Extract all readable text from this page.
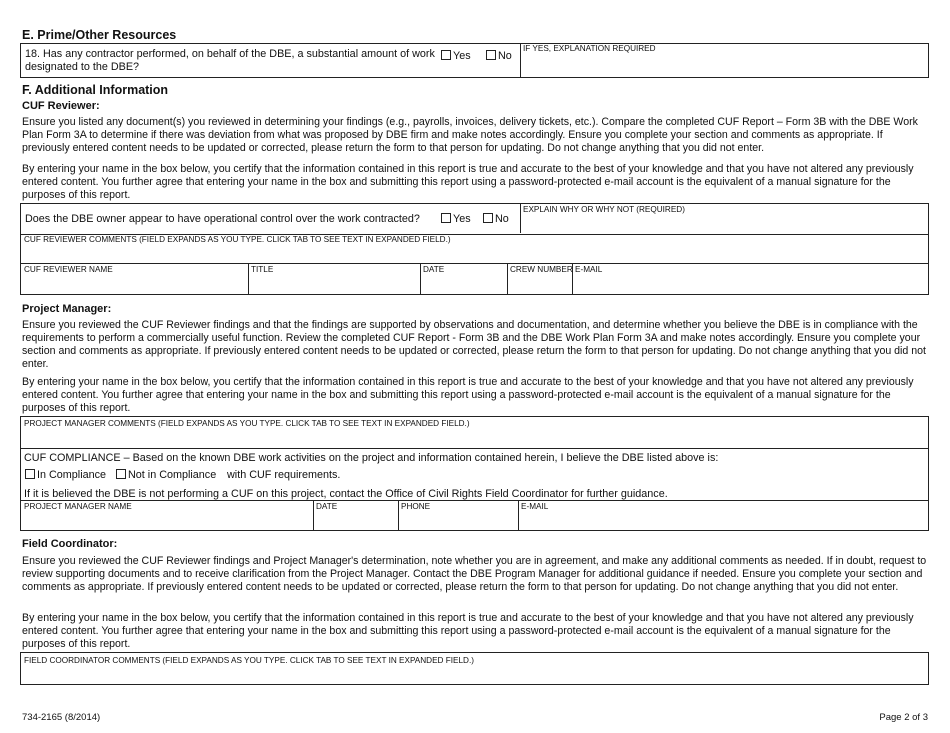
E. Prime/Other Resources
18. Has any contractor performed, on behalf of the DBE, a substantial amount of work designated to the DBE?
Yes	No
IF YES, EXPLANATION REQUIRED
F. Additional Information
CUF Reviewer:
Ensure you listed any document(s) you reviewed in determining your findings (e.g., payrolls, invoices, delivery tickets, etc.). Compare the completed CUF Report – Form 3B with the DBE Work Plan Form 3A to determine if there was deviation from what was proposed by DBE firm and make notes accordingly. Ensure you complete your section and comments as appropriate. If previously entered content needs to be updated or corrected, please return the form to that person for updating. Do not change anything that you did not enter.
By entering your name in the box below, you certify that the information contained in this report is true and accurate to the best of your knowledge and that you have not altered any previously entered content. You further agree that entering your name in the box and submitting this report using a password-protected e-mail account is the equivalent of a manual signature for the purposes of this report.
Does the DBE owner appear to have operational control over the work contracted?	Yes	No
EXPLAIN WHY OR WHY NOT (REQUIRED)
CUF REVIEWER COMMENTS (FIELD EXPANDS AS YOU TYPE. CLICK TAB TO SEE TEXT IN EXPANDED FIELD.)
CUF REVIEWER NAME	TITLE	DATE	CREW NUMBER E-MAIL
Project Manager:
Ensure you reviewed the CUF Reviewer findings and that the findings are supported by observations and documentation, and determine whether you believe the DBE is in compliance with the requirements to perform a commercially useful function. Review the completed CUF Report - Form 3B and the DBE Work Plan Form 3A and make notes accordingly. Ensure you complete your section and comments as appropriate. If previously entered content needs to be updated or corrected, please return the form to that person for updating. Do not change anything that you did not enter.
By entering your name in the box below, you certify that the information contained in this report is true and accurate to the best of your knowledge and that you have not altered any previously entered content. You further agree that entering your name in the box and submitting this report using a password-protected e-mail account is the equivalent of a manual signature for the purposes of this report.
PROJECT MANAGER COMMENTS (FIELD EXPANDS AS YOU TYPE. CLICK TAB TO SEE TEXT IN EXPANDED FIELD.)
CUF COMPLIANCE – Based on the known DBE work activities on the project and information contained herein, I believe the DBE listed above is:
In Compliance	Not in Compliance with CUF requirements.
If it is believed the DBE is not performing a CUF on this project, contact the Office of Civil Rights Field Coordinator for further guidance.
PROJECT MANAGER NAME	DATE	PHONE	E-MAIL
Field Coordinator:
Ensure you reviewed the CUF Reviewer findings and Project Manager's determination, note whether you are in agreement, and make any additional comments as needed. If in doubt, request to review supporting documents and to receive clarification from the Project Manager. Contact the DBE Program Manager for additional guidance if needed. Ensure you complete your section and comments as appropriate. If previously entered content needs to be updated or corrected, please return the form to that person for updating. Do not change anything that you did not enter.
By entering your name in the box below, you certify that the information contained in this report is true and accurate to the best of your knowledge and that you have not altered any previously entered content. You further agree that entering your name in the box and submitting this report using a password-protected e-mail account is the equivalent of a manual signature for the purposes of this report.
FIELD COORDINATOR COMMENTS (FIELD EXPANDS AS YOU TYPE. CLICK TAB TO SEE TEXT IN EXPANDED FIELD.)
734-2165 (8/2014)	Page 2 of 3
